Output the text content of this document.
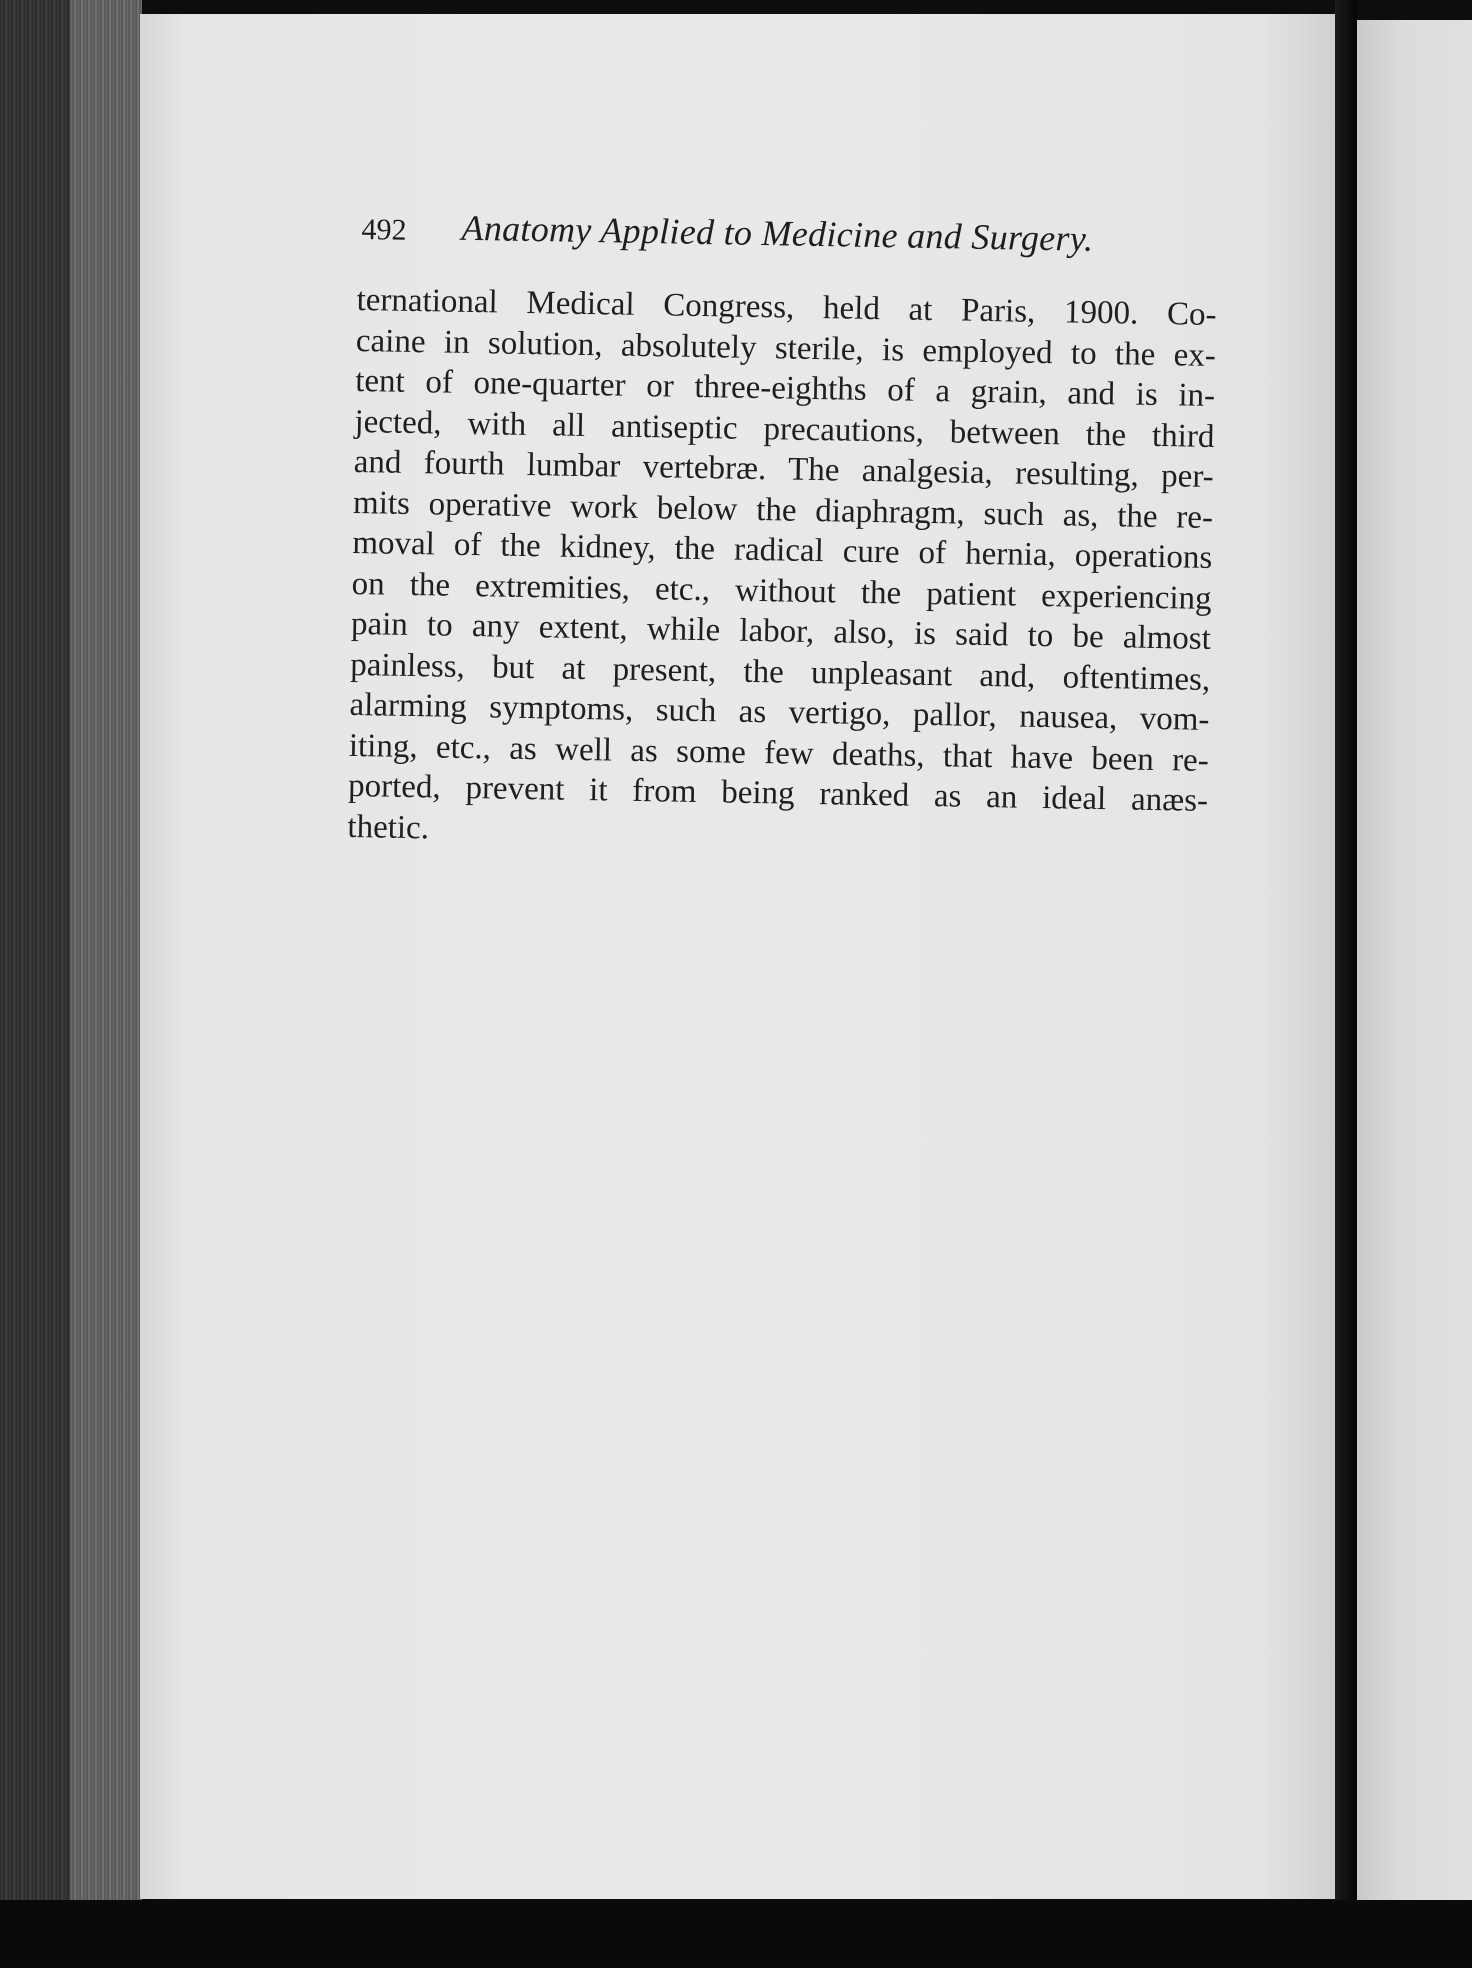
492 Anatomy Applied to Medicine and Surgery.
ternational Medical Congress, held at Paris, 1900. Co-
caine in solution, absolutely sterile, is employed to the ex-
tent of one-quarter or three-eighths of a grain, and is in-
jected, with all antiseptic precautions, between the third
and fourth lumbar vertebræ. The analgesia, resulting, per-
mits operative work below the diaphragm, such as, the re-
moval of the kidney, the radical cure of hernia, operations
on the extremities, etc., without the patient experiencing
pain to any extent, while labor, also, is said to be almost
painless, but at present, the unpleasant and, oftentimes,
alarming symptoms, such as vertigo, pallor, nausea, vom-
iting, etc., as well as some few deaths, that have been re-
ported, prevent it from being ranked as an ideal anæs-
thetic.
